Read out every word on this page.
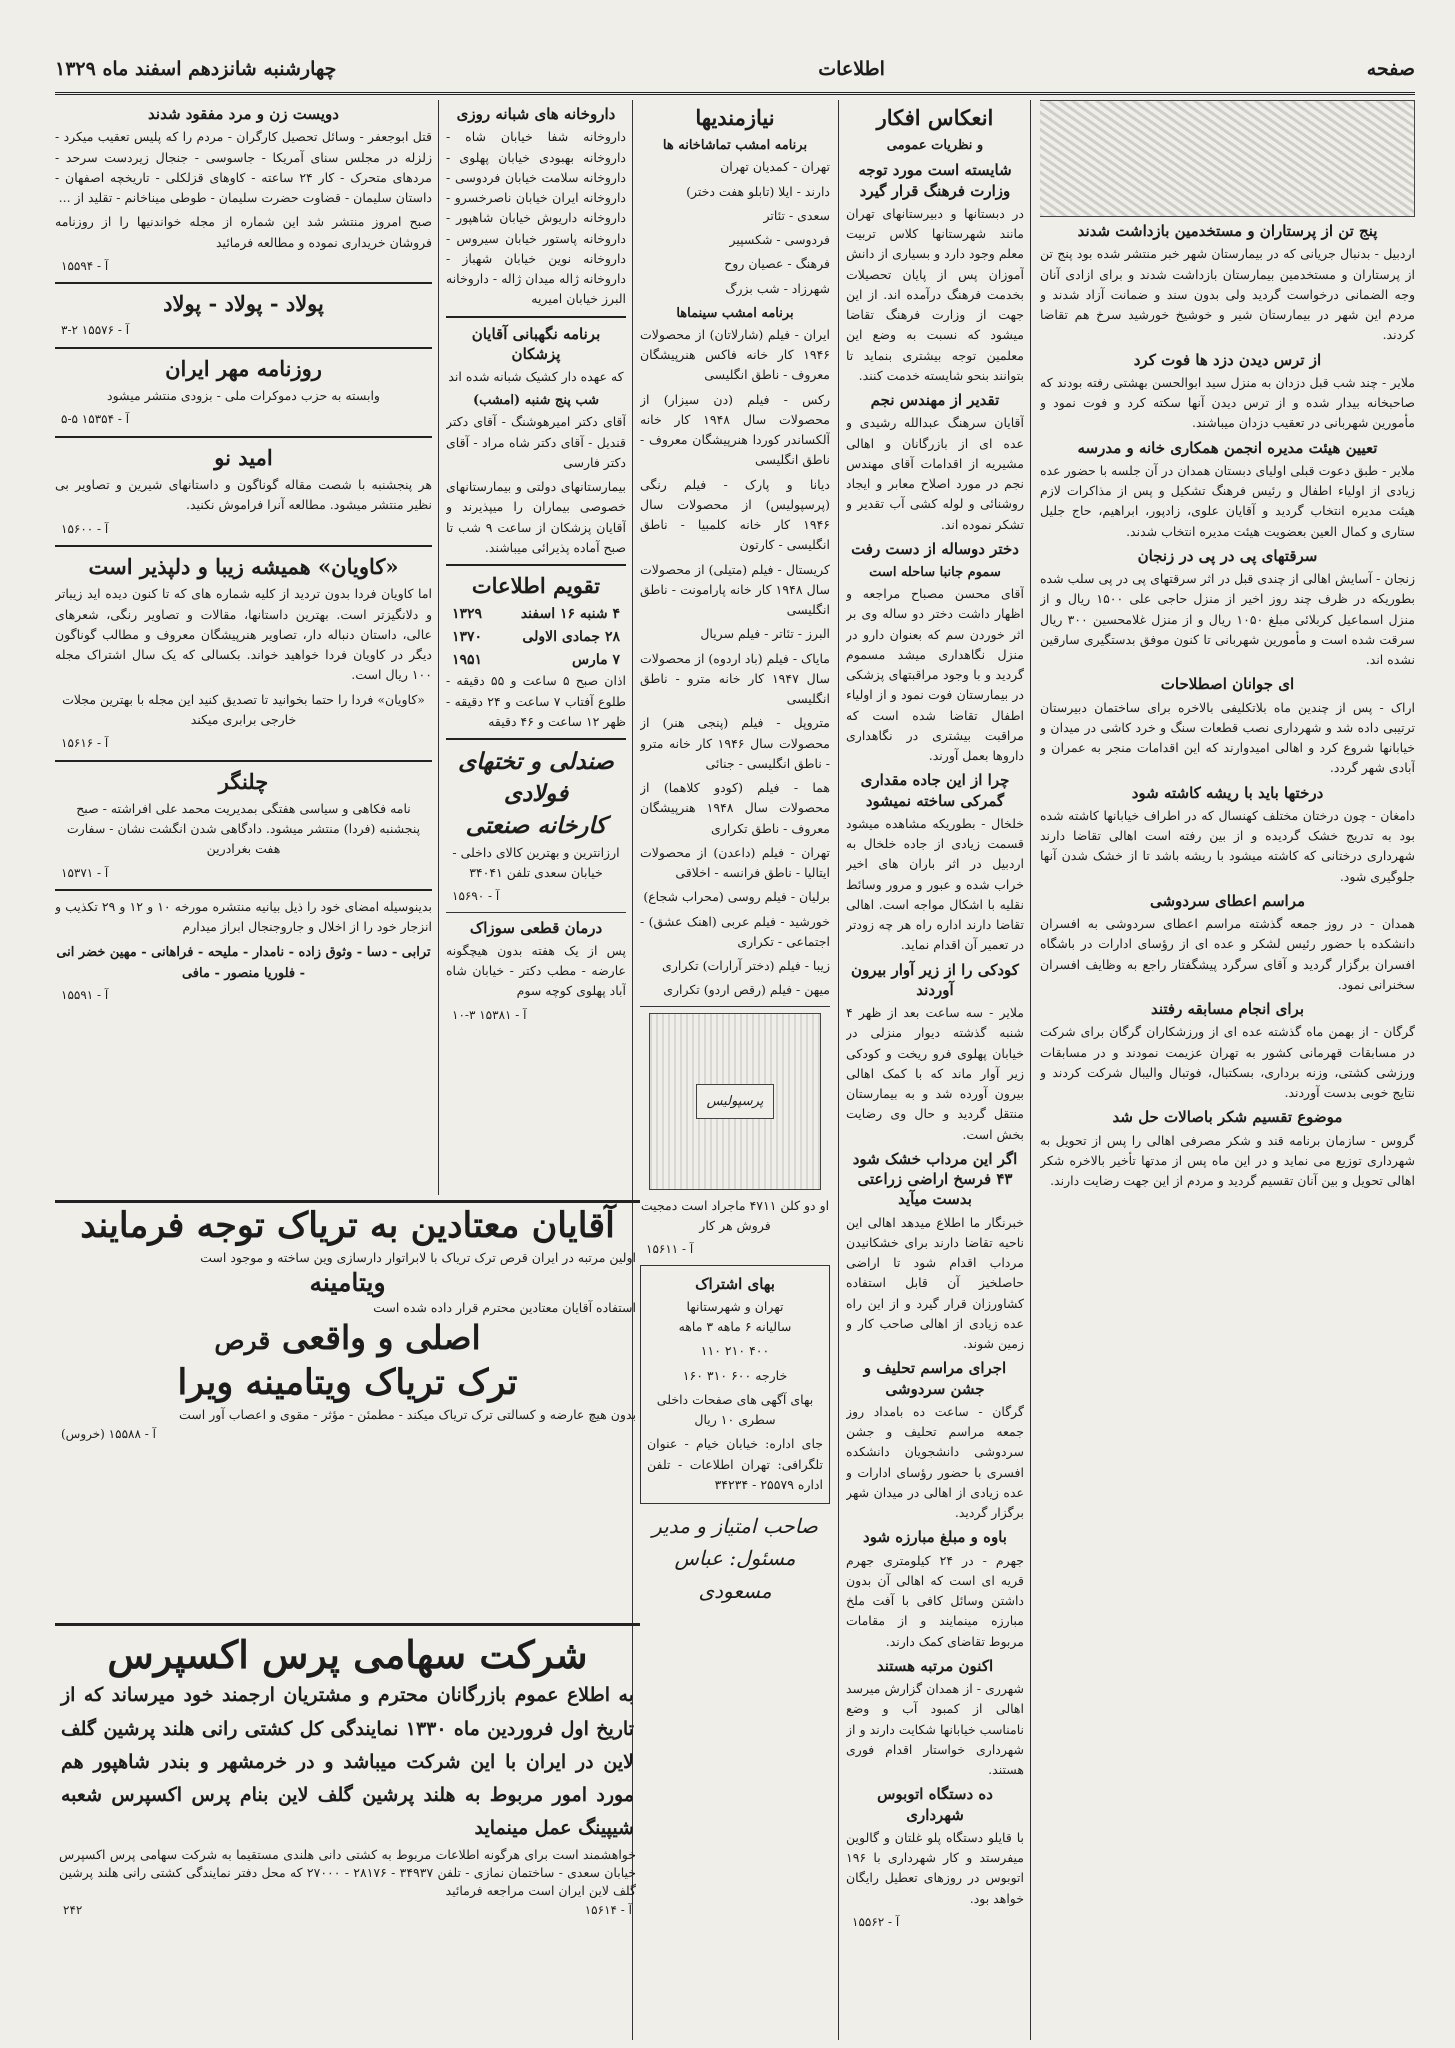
صفحه
اطلاعات
چهارشنبه شانزدهم اسفند ماه ۱۳۲۹
پنج تن از پرستاران و مستخدمین بازداشت شدند

اردبیل - بدنبال جریانی که در بیمارستان شهر خبر منتشر شده بود پنج تن از پرستاران و مستخدمین بیمارستان بازداشت شدند و برای ازادی آنان وجه الضمانی درخواست گردید ولی بدون سند و ضمانت آزاد شدند و مردم این شهر در بیمارستان شیر و خوشیخ خورشید سرخ هم تقاضا کردند.

از ترس دیدن دزد ها فوت کرد

ملایر - چند شب قبل دزدان به منزل سید ابوالحسن بهشتی رفته بودند که صاحبخانه بیدار شده و از ترس دیدن آنها سکته کرد و فوت نمود و مأمورین شهربانی در تعقیب دزدان میباشند.

تعیین هیئت مدیره انجمن همکاری خانه و مدرسه

ملایر - طبق دعوت قبلی اولیای دبستان همدان در آن جلسه با حضور عده زیادی از اولیاء اطفال و رئیس فرهنگ تشکیل و پس از مذاکرات لازم هیئت مدیره انتخاب گردید و آقایان علوی، زادپور، ابراهیم، حاج جلیل ستاری و کمال العین بعضویت هیئت مدیره انتخاب شدند.

سرقتهای پی در پی در زنجان

زنجان - آسایش اهالی از چندی قبل در اثر سرقتهای پی در پی سلب شده بطوریکه در ظرف چند روز اخیر از منزل حاجی علی ۱۵۰۰ ریال و از منزل اسماعیل کربلائی مبلغ ۱۰۵۰ ریال و از منزل غلامحسین ۳۰۰ ریال سرقت شده است و مأمورین شهربانی تا کنون موفق بدستگیری سارقین نشده اند.

ای جوانان اصطلاحات

اراک - پس از چندین ماه بلاتکلیفی بالاخره برای ساختمان دبیرستان ترتیبی داده شد و شهرداری نصب قطعات سنگ و خرد کاشی در میدان و خیابانها شروع کرد و اهالی امیدوارند که این اقدامات منجر به عمران و آبادی شهر گردد.

درختها باید با ریشه کاشته شود

دامغان - چون درختان مختلف کهنسال که در اطراف خیابانها کاشته شده بود به تدریج خشک گردیده و از بین رفته است اهالی تقاضا دارند شهرداری درختانی که کاشته میشود با ریشه باشد تا از خشک شدن آنها جلوگیری شود.

مراسم اعطای سردوشی

همدان - در روز جمعه گذشته مراسم اعطای سردوشی به افسران دانشکده با حضور رئیس لشکر و عده ای از رؤسای ادارات در باشگاه افسران برگزار گردید و آقای سرگرد پیشگفتار راجع به وظایف افسران سخنرانی نمود.

برای انجام مسابقه رفتند

گرگان - از بهمن ماه گذشته عده ای از ورزشکاران گرگان برای شرکت در مسابقات قهرمانی کشور به تهران عزیمت نمودند و در مسابقات ورزشی کشتی، وزنه برداری، بسکتبال، فوتبال والیبال شرکت کردند و نتایج خوبی بدست آوردند.

موضوع تقسیم شکر باصالات حل شد

گروس - سازمان برنامه قند و شکر مصرفی اهالی را پس از تحویل به شهرداری توزیع می نماید و در این ماه پس از مدتها تأخیر بالاخره شکر اهالی تحویل و بین آنان تقسیم گردید و مردم از این جهت رضایت دارند.

انعکاس افکار
و نظریات عمومی
شایسته است مورد توجه وزارت فرهنگ قرار گیرد

در دبستانها و دبیرستانهای تهران مانند شهرستانها کلاس تربیت معلم وجود دارد و بسیاری از دانش آموزان پس از پایان تحصیلات بخدمت فرهنگ درآمده اند. از این جهت از وزارت فرهنگ تقاضا میشود که نسبت به وضع این معلمین توجه بیشتری بنماید تا بتوانند بنحو شایسته خدمت کنند.

تقدیر از مهندس نجم

آقایان سرهنگ عبدالله رشیدی و عده ای از بازرگانان و اهالی مشیریه از اقدامات آقای مهندس نجم در مورد اصلاح معابر و ایجاد روشنائی و لوله کشی آب تقدیر و تشکر نموده اند.

دختر دوساله از دست رفت
سموم جانبا ساحله است

آقای محسن مصباح مراجعه و اظهار داشت دختر دو ساله وی بر اثر خوردن سم که بعنوان دارو در منزل نگاهداری میشد مسموم گردید و با وجود مراقبتهای پزشکی در بیمارستان فوت نمود و از اولیاء اطفال تقاضا شده است که مراقبت بیشتری در نگاهداری داروها بعمل آورند.

چرا از این جاده مقداری گمرکی ساخته نمیشود

خلخال - بطوریکه مشاهده میشود قسمت زیادی از جاده خلخال به اردبیل در اثر باران های اخیر خراب شده و عبور و مرور وسائط نقلیه با اشکال مواجه است. اهالی تقاضا دارند اداره راه هر چه زودتر در تعمیر آن اقدام نماید.

کودکی را از زیر آوار بیرون آوردند

ملایر - سه ساعت بعد از ظهر ۴ شنبه گذشته دیوار منزلی در خیابان پهلوی فرو ریخت و کودکی زیر آوار ماند که با کمک اهالی بیرون آورده شد و به بیمارستان منتقل گردید و حال وی رضایت بخش است.

اگر این مرداب خشک شود ۴۳ فرسخ اراضی زراعتی بدست میآید

خبرنگار ما اطلاع میدهد اهالی این ناحیه تقاضا دارند برای خشکانیدن مرداب اقدام شود تا اراضی حاصلخیز آن قابل استفاده کشاورزان قرار گیرد و از این راه عده زیادی از اهالی صاحب کار و زمین شوند.

اجرای مراسم تحلیف و جشن سردوشی

گرگان - ساعت ده بامداد روز جمعه مراسم تحلیف و جشن سردوشی دانشجویان دانشکده افسری با حضور رؤسای ادارات و عده زیادی از اهالی در میدان شهر برگزار گردید.

باوه و مبلغ مبارزه شود

جهرم - در ۲۴ کیلومتری جهرم قریه ای است که اهالی آن بدون داشتن وسائل کافی با آفت ملخ مبارزه مینمایند و از مقامات مربوط تقاضای کمک دارند.

اکنون مرتبه هستند

شهرری - از همدان گزارش میرسد اهالی از کمبود آب و وضع نامناسب خیابانها شکایت دارند و از شهرداری خواستار اقدام فوری هستند.

ده دستگاه اتوبوس شهرداری

با قایلو دستگاه پلو غلتان و گالوین میفرستد و کار شهرداری با ۱۹۶ اتوبوس در روزهای تعطیل رایگان خواهد بود.

آ - ۱۵۵۶۲
نیازمندیها
برنامه امشب تماشاخانه ها

تهران - کمدیان تهران

دارند - ایلا (تابلو هفت دختر)

سعدی - تئاتر

فردوسی - شکسپیر

فرهنگ - عصیان روح

شهرزاد - شب بزرگ

برنامه امشب سینماها

ایران - فیلم (شارلاتان) از محصولات ۱۹۴۶ کار خانه فاکس هنرپیشگان معروف - ناطق انگلیسی

رکس - فیلم (دن سیزار) از محصولات سال ۱۹۴۸ کار خانه آلکساندر کوردا هنرپیشگان معروف - ناطق انگلیسی

دیانا و پارک - فیلم رنگی (پرسپولیس) از محصولات سال ۱۹۴۶ کار خانه کلمبیا - ناطق انگلیسی - کارتون

کریستال - فیلم (متیلی) از محصولات سال ۱۹۴۸ کار خانه پارامونت - ناطق انگلیسی

البرز - تئاتر - فیلم سریال

مایاک - فیلم (باد اردوه) از محصولات سال ۱۹۴۷ کار خانه مترو - ناطق انگلیسی

متروپل - فیلم (پنجی هنر) از محصولات سال ۱۹۴۶ کار خانه مترو - ناطق انگلیسی - جنائی

هما - فیلم (کودو کلاهما) از محصولات سال ۱۹۴۸ هنرپیشگان معروف - ناطق تکراری

تهران - فیلم (داعدن) از محصولات ایتالیا - ناطق فرانسه - اخلاقی

برلیان - فیلم روسی (محراب شجاع)

خورشید - فیلم عربی (اهنک عشق) - اجتماعی - تکراری

زیبا - فیلم (دختر آرارات) تکراری

میهن - فیلم (رقص اردو) تکراری

پرسپولیس

او دو کلن ۴۷۱۱ ماجراد است دمجیت فروش هر کار

آ - ۱۵۶۱۱
بهای اشتراک
تهران و شهرستانها

سالیانه ۶ ماهه ۳ ماهه

۴۰۰ ۲۱۰ ۱۱۰

خارجه ۶۰۰ ۳۱۰ ۱۶۰

بهای آگهی های صفحات داخلی سطری ۱۰ ریال

جای اداره: خیابان خیام - عنوان تلگرافی: تهران اطلاعات - تلفن اداره ۲۵۵۷۹ - ۳۴۲۳۴

صاحب امتیاز و مدیر مسئول: عباس مسعودی
داروخانه های شبانه روزی

داروخانه شفا خیابان شاه - داروخانه بهبودی خیابان پهلوی - داروخانه سلامت خیابان فردوسی - داروخانه ایران خیابان ناصرخسرو - داروخانه داریوش خیابان شاهپور - داروخانه پاستور خیابان سیروس - داروخانه نوین خیابان شهباز - داروخانه ژاله میدان ژاله - داروخانه البرز خیابان امیریه

برنامه نگهبانی آقایان پزشکان
که عهده دار کشیک شبانه شده اند
شب پنج شنبه (امشب)

آقای دکتر امیرهوشنگ - آقای دکتر قندیل - آقای دکتر شاه مراد - آقای دکتر فارسی

بیمارستانهای دولتی و بیمارستانهای خصوصی بیماران را میپذیرند و آقایان پزشکان از ساعت ۹ شب تا صبح آماده پذیرائی میباشند.

تقویم اطلاعات
۴ شنبه ۱۶ اسفند
۱۳۲۹
۲۸ جمادی الاولی
۱۳۷۰
۷ مارس
۱۹۵۱

اذان صبح ۵ ساعت و ۵۵ دقیقه - طلوع آفتاب ۷ ساعت و ۲۴ دقیقه - ظهر ۱۲ ساعت و ۴۶ دقیقه

صندلی و تختهای فولادی
کارخانه صنعتی

ارزانترین و بهترین کالای داخلی - خیابان سعدی تلفن ۳۴۰۴۱

آ - ۱۵۶۹۰
درمان قطعی سوزاک

پس از یک هفته بدون هیچگونه عارضه - مطب دکتر - خیابان شاه آباد پهلوی کوچه سوم

آ - ۱۵۳۸۱ ۳-۱۰
دویست زن و مرد مفقود شدند

قتل ابوجعفر - وسائل تحصیل کارگران - مردم را که پلیس تعقیب میکرد - زلزله در مجلس سنای آمریکا - جاسوسی - جنجال زیردست سرحد - مردهای متحرک - کار ۲۴ ساعته - کاوهای قزلکلی - تاریخچه اصفهان - داستان سلیمان - قضاوت حضرت سلیمان - طوطی میناخانم - تقلید از ...

صبح امروز منتشر شد این شماره از مجله خواندنیها را از روزنامه فروشان خریداری نموده و مطالعه فرمائید

آ - ۱۵۵۹۴
پولاد - پولاد - پولاد
آ - ۱۵۵۷۶ ۲-۳
روزنامه مهر ایران

وابسته به حزب دموکرات ملی - بزودی منتشر میشود

آ - ۱۵۳۵۴ ۵-۵
امید نو

هر پنجشنبه با شصت مقاله گوناگون و داستانهای شیرین و تصاویر بی نظیر منتشر میشود. مطالعه آنرا فراموش نکنید.

آ - ۱۵۶۰۰
«کاویان» همیشه زیبا و دلپذیر است

اما کاویان فردا بدون تردید از کلیه شماره های که تا کنون دیده اید زیباتر و دلانگیزتر است. بهترین داستانها، مقالات و تصاویر رنگی، شعرهای عالی، داستان دنباله دار، تصاویر هنرپیشگان معروف و مطالب گوناگون دیگر در کاویان فردا خواهید خواند. بکسالی که یک سال اشتراک مجله ۱۰۰ ریال است.

«کاویان» فردا را حتما بخوانید تا تصدیق کنید این مجله با بهترین مجلات خارجی برابری میکند

آ - ۱۵۶۱۶
چلنگر

نامه فکاهی و سیاسی هفتگی بمدیریت محمد علی افراشته - صبح پنجشنبه (فردا) منتشر میشود. دادگاهی شدن انگشت نشان - سفارت هفت بغرادرین

آ - ۱۵۳۷۱

بدینوسیله امضای خود را ذیل بیانیه منتشره مورخه ۱۰ و ۱۲ و ۲۹ تکذیب و انزجار خود را از اخلال و جاروجنجال ابراز میدارم

ترابی - دسا - وثوق زاده - نامدار - ملیحه - فراهانی - مهین خضر انی - فلوریا منصور - مافی

آ - ۱۵۵۹۱
آقایان معتادین به تریاک توجه فرمایند
اولین مرتبه در ایران قرص ترک تریاک با لابراتوار دارسازی وین ساخته و موجود است
ویتامینه
استفاده آقایان معتادین محترم قرار داده شده است
اصلی و واقعی قرص
ترک تریاک ویتامینه ویرا
بدون هیچ عارضه و کسالتی ترک تریاک میکند - مطمئن - مؤثر - مقوی و اعصاب آور است
آ - ۱۵۵۸۸ (خروس)
شرکت سهامی پرس اکسپرس
به اطلاع عموم بازرگانان محترم و مشتریان ارجمند خود میرساند که از تاریخ اول فروردین ماه ۱۳۳۰ نمایندگی کل کشتی رانی هلند پرشین گلف لاین در ایران با این شرکت میباشد و در خرمشهر و بندر شاهپور هم مورد امور مربوط به هلند پرشین گلف لاین بنام پرس اکسپرس شعبه شیپینگ عمل مینماید
خواهشمند است برای هرگونه اطلاعات مربوط به کشتی دانی هلندی مستقیما به شرکت سهامی پرس اکسپرس خیابان سعدی - ساختمان نمازی - تلفن ۳۴۹۳۷ - ۲۸۱۷۶ - ۲۷۰۰۰ که محل دفتر نمایندگی کشتی رانی هلند پرشین گلف لاین ایران است مراجعه فرمائید
آ - ۱۵۶۱۴
۲۴۲
